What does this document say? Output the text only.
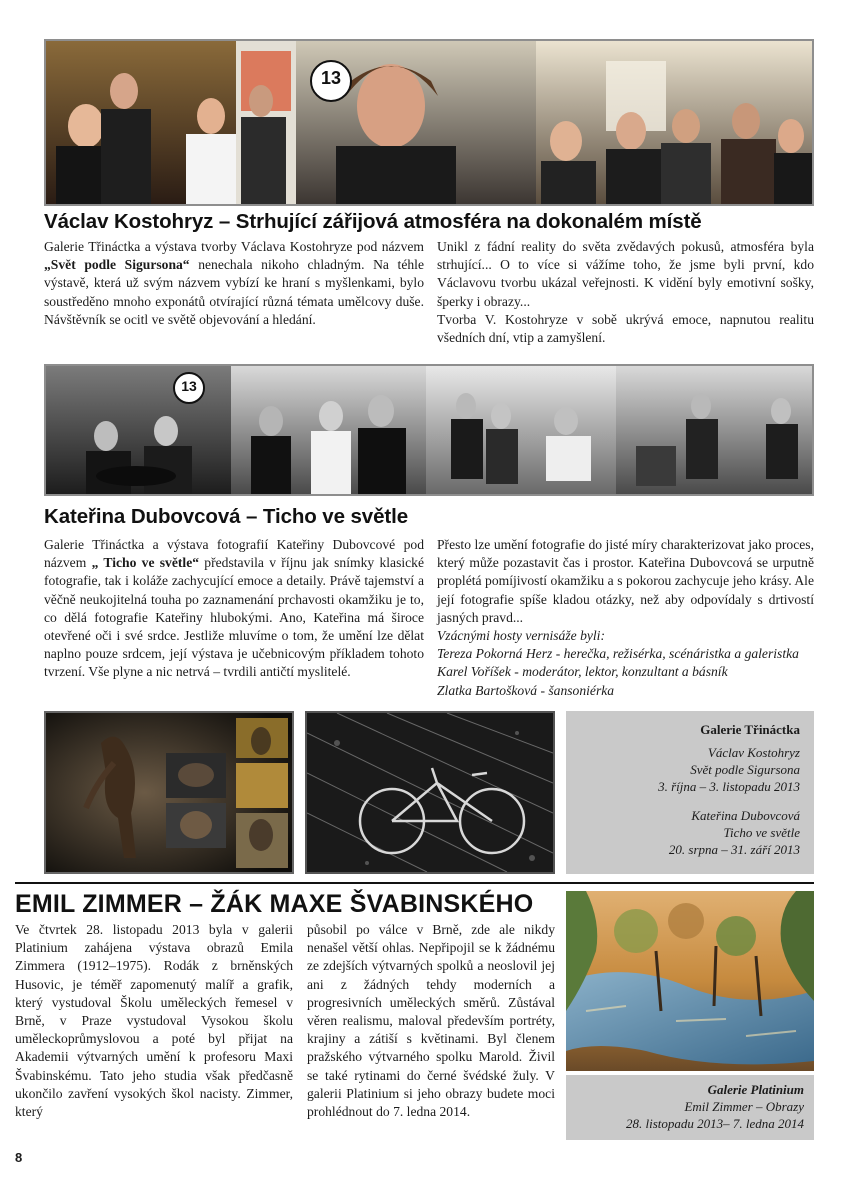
13
Václav Kostohryz – Strhující zářijová atmosféra na dokonalém místě

Galerie Třináctka a výstava tvorby Václava Kostohryze pod názvem „Svět podle Sigursona“ nenechala nikoho chladným. Na téhle výstavě, která už svým názvem vybízí ke hraní s myšlenkami, bylo soustředěno mnoho exponátů otvírající různá témata umělcovy duše. Návštěvník se ocitl ve světě objevování a hledání.

Unikl z fádní reality do světa zvědavých pokusů, atmosféra byla strhující... O to více si vážíme toho, že jsme byli první, kdo Václavovu tvorbu ukázal veřejnosti. K vidění byly emotivní sošky, šperky i obrazy...

Tvorba V. Kostohryze v sobě ukrývá emoce, napnutou realitu všedních dní, vtip a zamyšlení.

13
Kateřina Dubovcová – Ticho ve světle

Galerie Třináctka a výstava fotografií Kateřiny Dubovcové pod názvem „ Ticho ve světle“ představila v říjnu jak snímky klasické fotografie, tak i koláže zachycující emoce a detaily. Právě tajemství a věčně neukojitelná touha po zaznamenání prchavosti okamžiku je to, co dělá fotografie Kateřiny hlubokými. Ano, Kateřina má široce otevřené oči i své srdce. Jestliže mluvíme o tom, že umění lze dělat naplno pouze srdcem, její výstava je učebnicovým příkladem tohoto tvrzení. Vše plyne a nic netrvá – tvrdili antičtí myslitelé.

Přesto lze umění fotografie do jisté míry charakterizovat jako proces, který může pozastavit čas i prostor. Kateřina Dubovcová se urputně proplétá pomíjivostí okamžiku a s pokorou zachycuje jeho krásy. Ale její fotografie spíše kladou otázky, než aby odpovídaly s drtivostí jasných pravd...

Vzácnými hosty vernisáže byli:

Tereza Pokorná Herz - herečka, režisérka, scénáristka a galeristka

Karel Voříšek - moderátor, lektor, konzultant a básník

Zlatka Bartošková - šansoniérka

Galerie Třináctka
Václav Kostohryz
Svět podle Sigursona
3. října – 3. listopadu 2013
Kateřina Dubovcová
Ticho ve světle
20. srpna – 31. září 2013
EMIL ZIMMER – ŽÁK MAXE ŠVABINSKÉHO

Ve čtvrtek 28. listopadu 2013 byla v galerii Platinium zahájena výstava obrazů Emila Zimmera (1912–1975). Rodák z brněnských Husovic, je téměř zapomenutý malíř a grafik, který vystudoval Školu uměleckých řemesel v Brně, v Praze vystudoval Vysokou školu uměleckoprůmyslovou a poté byl přijat na Akademii výtvarných umění k profesoru Maxi Švabinskému. Tato jeho studia však předčasně ukončilo zavření vysokých škol nacisty. Zimmer, který

působil po válce v Brně, zde ale nikdy nenašel větší ohlas. Nepřipojil se k žádnému ze zdejších výtvarných spolků a neoslovil jej ani z žádných tehdy moderních a progresivních uměleckých směrů. Zůstával věren realismu, maloval především portréty, krajiny a zátiší s květinami. Byl členem pražského výtvarného spolku Marold. Živil se také rytinami do černé švédské žuly. V galerii Platinium si jeho obrazy budete moci prohlédnout do 7. ledna 2014.

Galerie Platinium
Emil Zimmer – Obrazy
28. listopadu 2013– 7. ledna 2014
8
